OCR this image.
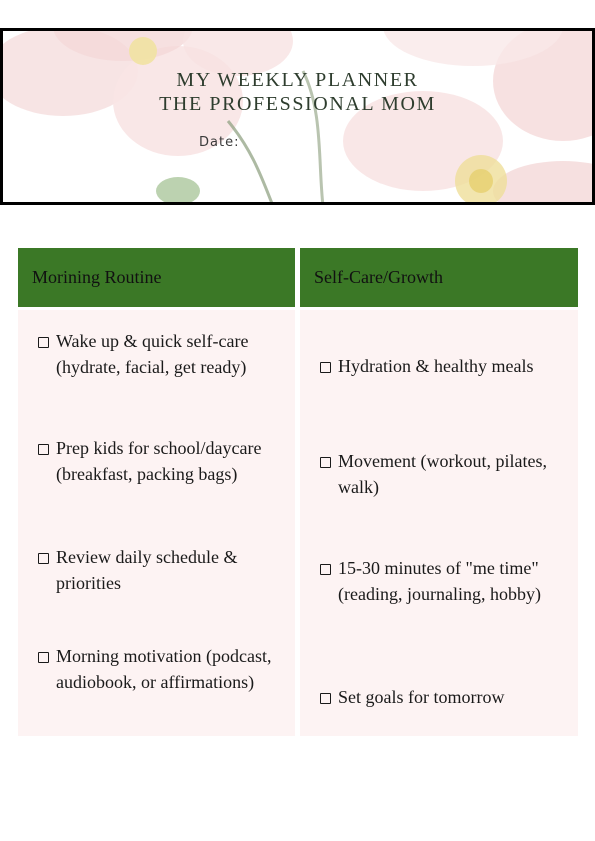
MY WEEKLY PLANNER
THE PROFESSIONAL MOM
Date:
Morining Routine
Wake up & quick self-care (hydrate, facial, get ready)
Prep kids for school/daycare (breakfast, packing bags)
Review daily schedule & priorities
Morning motivation (podcast, audiobook, or affirmations)
Self-Care/Growth
Hydration & healthy meals
Movement (workout, pilates, walk)
15-30 minutes of "me time" (reading, journaling, hobby)
Set goals for tomorrow
